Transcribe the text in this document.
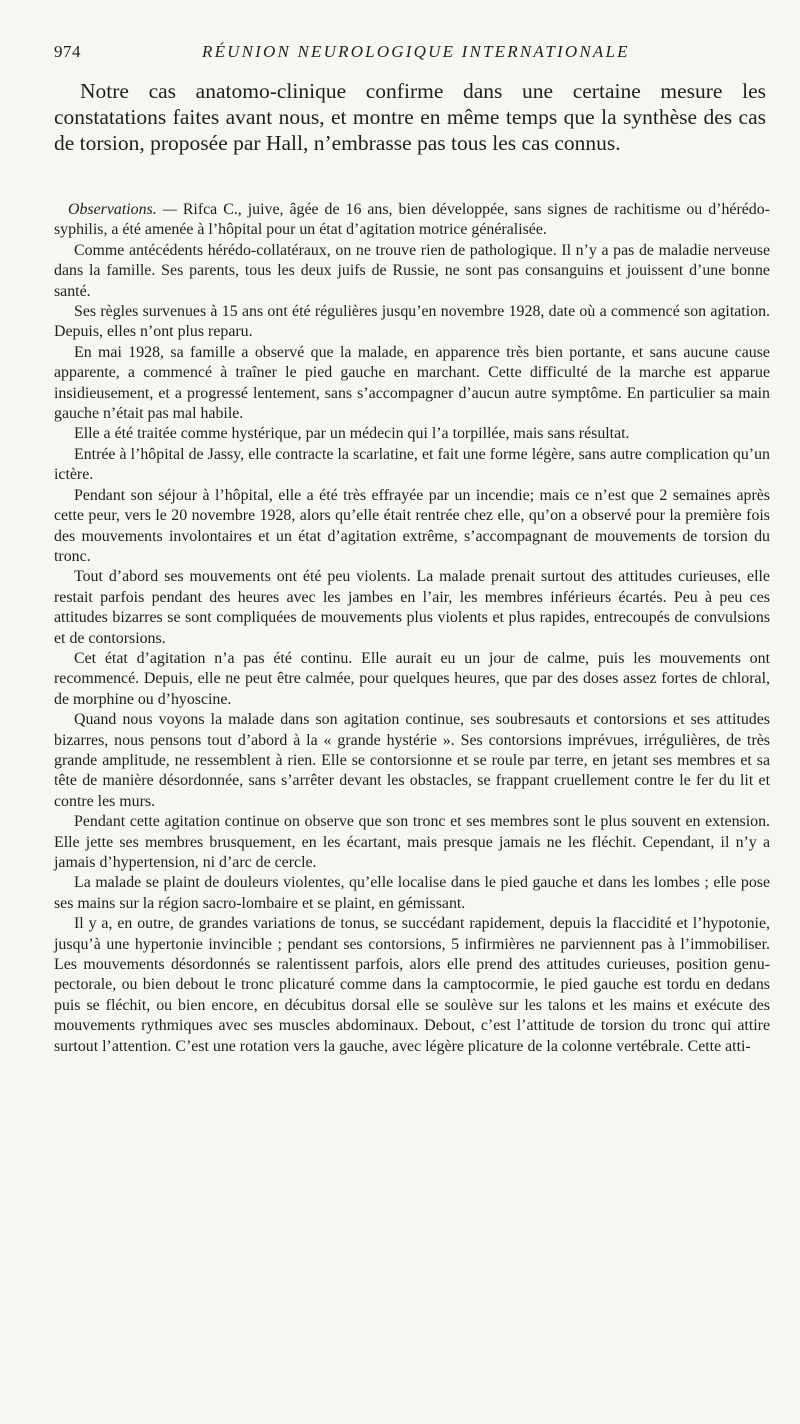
974	RÉUNION NEUROLOGIQUE INTERNATIONALE

Notre cas anatomo-clinique confirme dans une certaine mesure les constatations faites avant nous, et montre en même temps que la synthèse des cas de torsion, proposée par Hall, n’embrasse pas tous les cas connus.

Observations. — Rifca C., juive, âgée de 16 ans, bien développée, sans signes de rachitisme ou d’hérédo-syphilis, a été amenée à l’hôpital pour un état d’agitation motrice généralisée.

Comme antécédents hérédo-collatéraux, on ne trouve rien de pathologique. Il n’y a pas de maladie nerveuse dans la famille. Ses parents, tous les deux juifs de Russie, ne sont pas consanguins et jouissent d’une bonne santé.

Ses règles survenues à 15 ans ont été régulières jusqu’en novembre 1928, date où a commencé son agitation. Depuis, elles n’ont plus reparu.

En mai 1928, sa famille a observé que la malade, en apparence très bien portante, et sans aucune cause apparente, a commencé à traîner le pied gauche en marchant. Cette difficulté de la marche est apparue insidieusement, et a progressé lentement, sans s’accompagner d’aucun autre symptôme. En particulier sa main gauche n’était pas mal habile.

Elle a été traitée comme hystérique, par un médecin qui l’a torpillée, mais sans résultat.

Entrée à l’hôpital de Jassy, elle contracte la scarlatine, et fait une forme légère, sans autre complication qu’un ictère.

Pendant son séjour à l’hôpital, elle a été très effrayée par un incendie; mais ce n’est que 2 semaines après cette peur, vers le 20 novembre 1928, alors qu’elle était rentrée chez elle, qu’on a observé pour la première fois des mouvements involontaires et un état d’agitation extrême, s’accompagnant de mouvements de torsion du tronc.

Tout d’abord ses mouvements ont été peu violents. La malade prenait surtout des attitudes curieuses, elle restait parfois pendant des heures avec les jambes en l’air, les membres inférieurs écartés. Peu à peu ces attitudes bizarres se sont compliquées de mouvements plus violents et plus rapides, entrecoupés de convulsions et de contorsions.

Cet état d’agitation n’a pas été continu. Elle aurait eu un jour de calme, puis les mouvements ont recommencé. Depuis, elle ne peut être calmée, pour quelques heures, que par des doses assez fortes de chloral, de morphine ou d’hyoscine.

Quand nous voyons la malade dans son agitation continue, ses soubresauts et contorsions et ses attitudes bizarres, nous pensons tout d’abord à la « grande hystérie ». Ses contorsions imprévues, irrégulières, de très grande amplitude, ne ressemblent à rien. Elle se contorsionne et se roule par terre, en jetant ses membres et sa tête de manière désordonnée, sans s’arrêter devant les obstacles, se frappant cruellement contre le fer du lit et contre les murs.

Pendant cette agitation continue on observe que son tronc et ses membres sont le plus souvent en extension. Elle jette ses membres brusquement, en les écartant, mais presque jamais ne les fléchit. Cependant, il n’y a jamais d’hypertension, ni d’arc de cercle.

La malade se plaint de douleurs violentes, qu’elle localise dans le pied gauche et dans les lombes ; elle pose ses mains sur la région sacro-lombaire et se plaint, en gémissant.

Il y a, en outre, de grandes variations de tonus, se succédant rapidement, depuis la flaccidité et l’hypotonie, jusqu’à une hypertonie invincible ; pendant ses contorsions, 5 infirmières ne parviennent pas à l’immobiliser. Les mouvements désordonnés se ralentissent parfois, alors elle prend des attitudes curieuses, position genu-pectorale, ou bien debout le tronc plicaturé comme dans la camptocormie, le pied gauche est tordu en dedans puis se fléchit, ou bien encore, en décubitus dorsal elle se soulève sur les talons et les mains et exécute des mouvements rythmiques avec ses muscles abdominaux. Debout, c’est l’attitude de torsion du tronc qui attire surtout l’attention. C’est une rotation vers la gauche, avec légère plicature de la colonne vertébrale. Cette atti-
